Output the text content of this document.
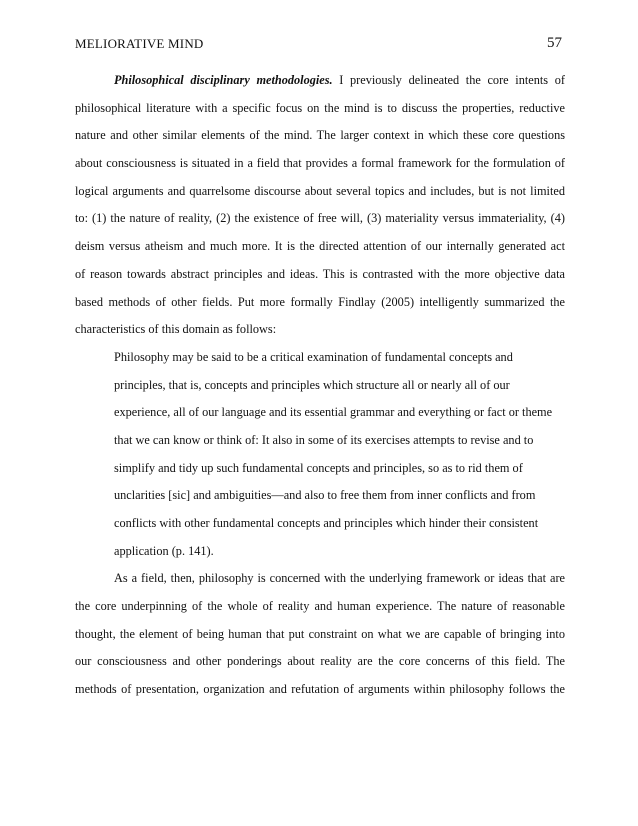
MELIORATIVE MIND	57
Philosophical disciplinary methodologies. I previously delineated the core intents of
philosophical literature with a specific focus on the mind is to discuss the properties, reductive
nature and other similar elements of the mind. The larger context in which these core questions
about consciousness is situated in a field that provides a formal framework for the formulation of
logical arguments and quarrelsome discourse about several topics and includes, but is not limited
to: (1) the nature of reality, (2) the existence of free will, (3) materiality versus immateriality, (4)
deism versus atheism and much more. It is the directed attention of our internally generated act
of reason towards abstract principles and ideas. This is contrasted with the more objective data
based methods of other fields. Put more formally Findlay (2005) intelligently summarized the
characteristics of this domain as follows:
Philosophy may be said to be a critical examination of fundamental concepts and
principles, that is, concepts and principles which structure all or nearly all of our
experience, all of our language and its essential grammar and everything or fact or theme
that we can know or think of: It also in some of its exercises attempts to revise and to
simplify and tidy up such fundamental concepts and principles, so as to rid them of
unclarities [sic] and ambiguities—and also to free them from inner conflicts and from
conflicts with other fundamental concepts and principles which hinder their consistent
application (p. 141).
As a field, then, philosophy is concerned with the underlying framework or ideas that are
the core underpinning of the whole of reality and human experience. The nature of reasonable
thought, the element of being human that put constraint on what we are capable of bringing into
our consciousness and other ponderings about reality are the core concerns of this field. The
methods of presentation, organization and refutation of arguments within philosophy follows the
